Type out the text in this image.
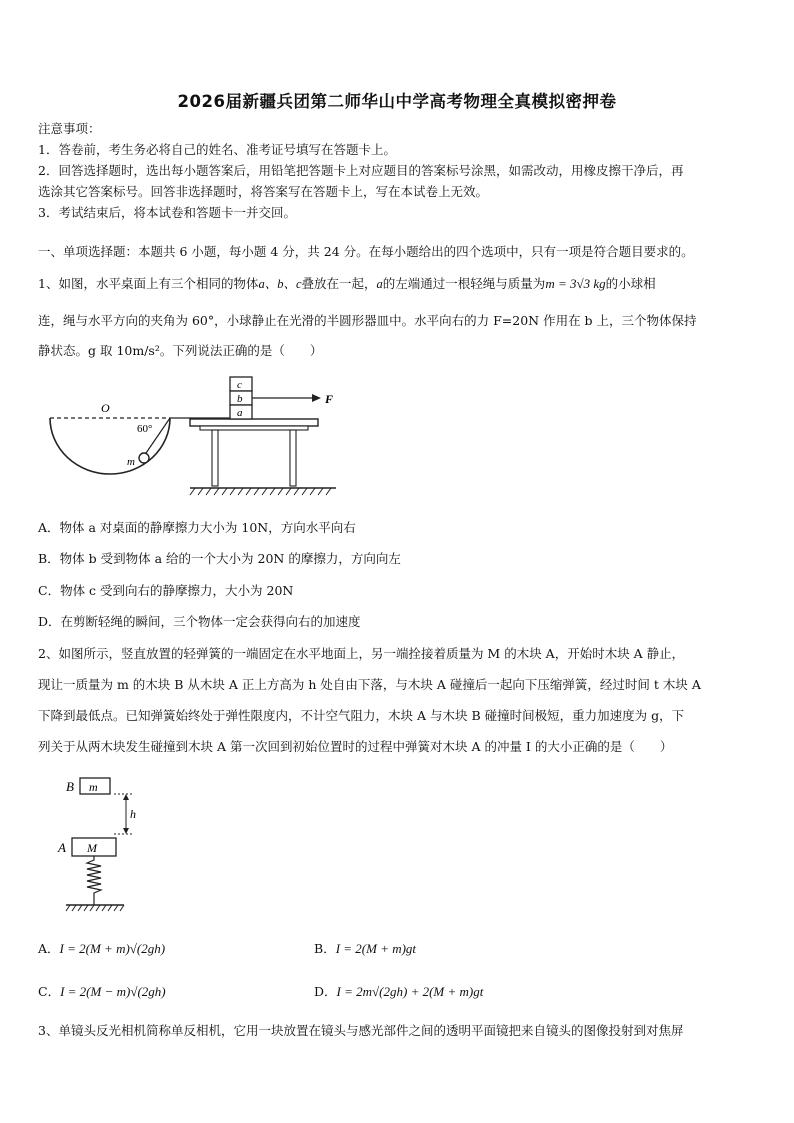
2026届新疆兵团第二师华山中学高考物理全真模拟密押卷
注意事项：
1．答卷前，考生务必将自己的姓名、准考证号填写在答题卡上。
2．回答选择题时，选出每小题答案后，用铅笔把答题卡上对应题目的答案标号涂黑，如需改动，用橡皮擦干净后，再
选涂其它答案标号。回答非选择题时，将答案写在答题卡上，写在本试卷上无效。
3．考试结束后，将本试卷和答题卡一并交回。
一、单项选择题：本题共 6 小题，每小题 4 分，共 24 分。在每小题给出的四个选项中，只有一项是符合题目要求的。
1、如图，水平桌面上有三个相同的物体a、b、c叠放在一起，a的左端通过一根轻绳与质量为m = 3√3 kg的小球相
连，绳与水平方向的夹角为 60°，小球静止在光滑的半圆形器皿中。水平向右的力 F=20N 作用在 b 上，三个物体保持
静状态。g 取 10m/s²。下列说法正确的是（　　）
O
60°
m
c
b
a
F
A．物体 a 对桌面的静摩擦力大小为 10N，方向水平向右
B．物体 b 受到物体 a 给的一个大小为 20N 的摩擦力，方向向左
C．物体 c 受到向右的静摩擦力，大小为 20N
D．在剪断轻绳的瞬间，三个物体一定会获得向右的加速度
2、如图所示，竖直放置的轻弹簧的一端固定在水平地面上，另一端拴接着质量为 M 的木块 A，开始时木块 A 静止，
现让一质量为 m 的木块 B 从木块 A 正上方高为 h 处自由下落，与木块 A 碰撞后一起向下压缩弹簧，经过时间 t 木块 A
下降到最低点。已知弹簧始终处于弹性限度内，不计空气阻力，木块 A 与木块 B 碰撞时间极短，重力加速度为 g，下
列关于从两木块发生碰撞到木块 A 第一次回到初始位置时的过程中弹簧对木块 A 的冲量 I 的大小正确的是（　　）
B m
h
A M
A．I = 2(M + m)√(2gh)	B．I = 2(M + m)gt
C．I = 2(M − m)√(2gh)	D．I = 2m√(2gh) + 2(M + m)gt
3、单镜头反光相机简称单反相机，它用一块放置在镜头与感光部件之间的透明平面镜把来自镜头的图像投射到对焦屏
